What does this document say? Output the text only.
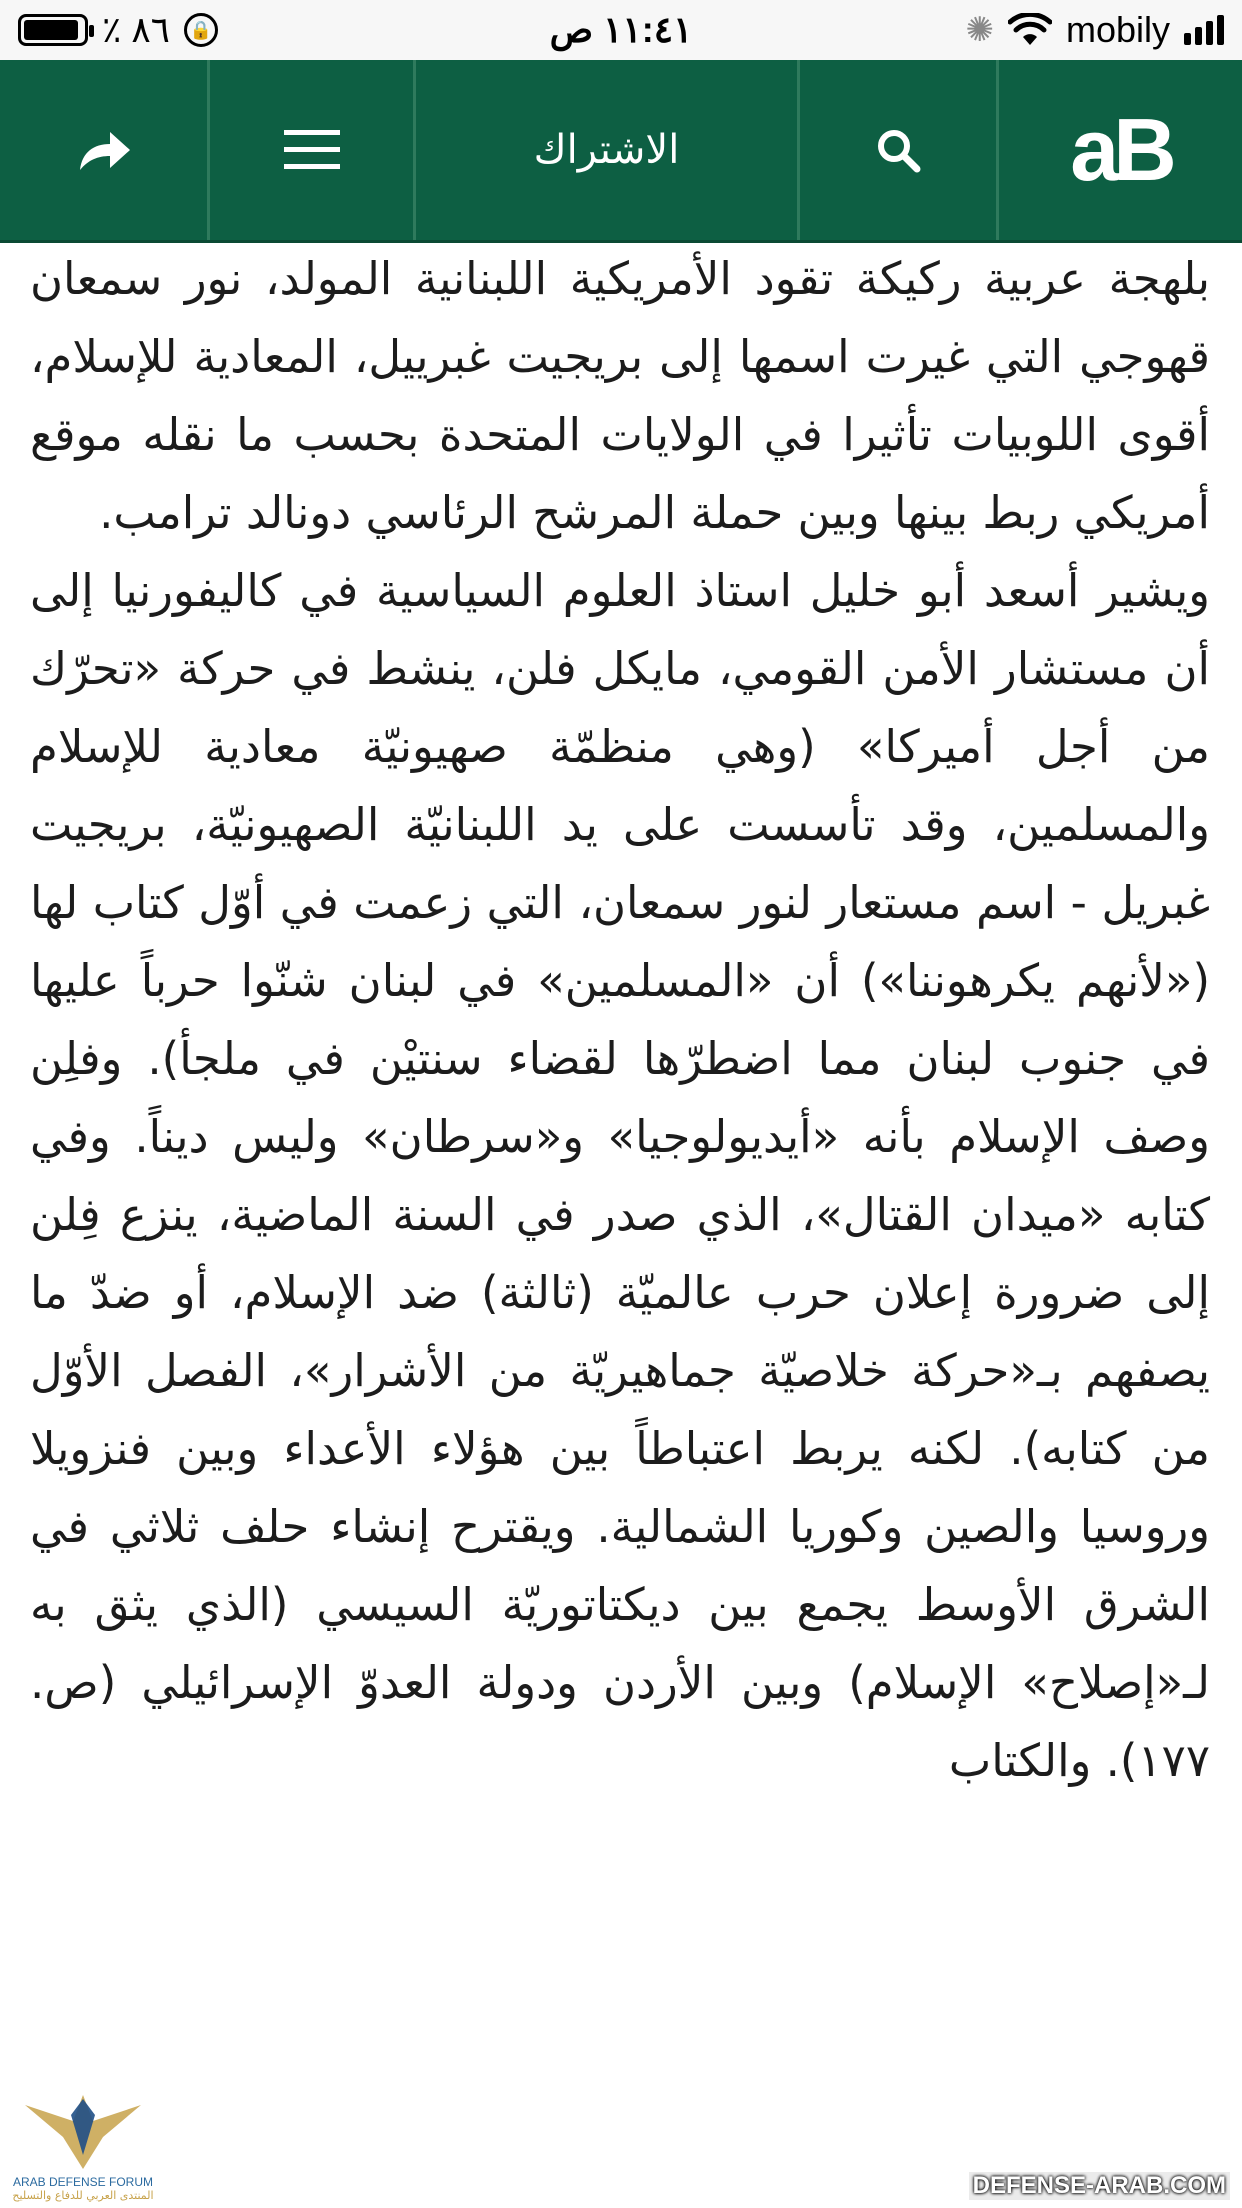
٪ ٨٦	🔒	١١:٤١ ص	✺ mobily
الاشتراك	aB

بلهجة عربية ركيكة تقود الأمريكية اللبنانية المولد، نور سمعان قهوجي التي غيرت اسمها إلى بريجيت غبرييل، المعادية للإسلام، أقوى اللوبيات تأثيرا في الولايات المتحدة بحسب ما نقله موقع أمريكي ربط بينها وبين حملة المرشح الرئاسي دونالد ترامب.

ويشير أسعد أبو خليل استاذ العلوم السياسية في كاليفورنيا إلى أن مستشار الأمن القومي، مايكل فلن، ينشط في حركة «تحرّك من أجل أميركا» (وهي منظمّة صهيونيّة معادية للإسلام والمسلمين، وقد تأسست على يد اللبنانيّة الصهيونيّة، بريجيت غبريل - اسم مستعار لنور سمعان، التي زعمت في أوّل كتاب لها («لأنهم يكرهوننا») أن «المسلمين» في لبنان شنّوا حرباً عليها في جنوب لبنان مما اضطرّها لقضاء سنتيْن في ملجأ). وفلِن وصف الإسلام بأنه «أيديولوجيا» و«سرطان» وليس ديناً. وفي كتابه «ميدان القتال»، الذي صدر في السنة الماضية، ينزع فِلن إلى ضرورة إعلان حرب عالميّة (ثالثة) ضد الإسلام، أو ضدّ ما يصفهم بـ«حركة خلاصيّة جماهيريّة من الأشرار»، الفصل الأوّل من كتابه). لكنه يربط اعتباطاً بين هؤلاء الأعداء وبين فنزويلا وروسيا والصين وكوريا الشمالية. ويقترح إنشاء حلف ثلاثي في الشرق الأوسط يجمع بين ديكتاتوريّة السيسي (الذي يثق به لـ«إصلاح» الإسلام) وبين الأردن ودولة العدوّ الإسرائيلي (ص. ١٧٧). والكتاب

ARAB DEFENSE FORUM
المنتدى العربي للدفاع والتسليح	DEFENSE-ARAB.COM
